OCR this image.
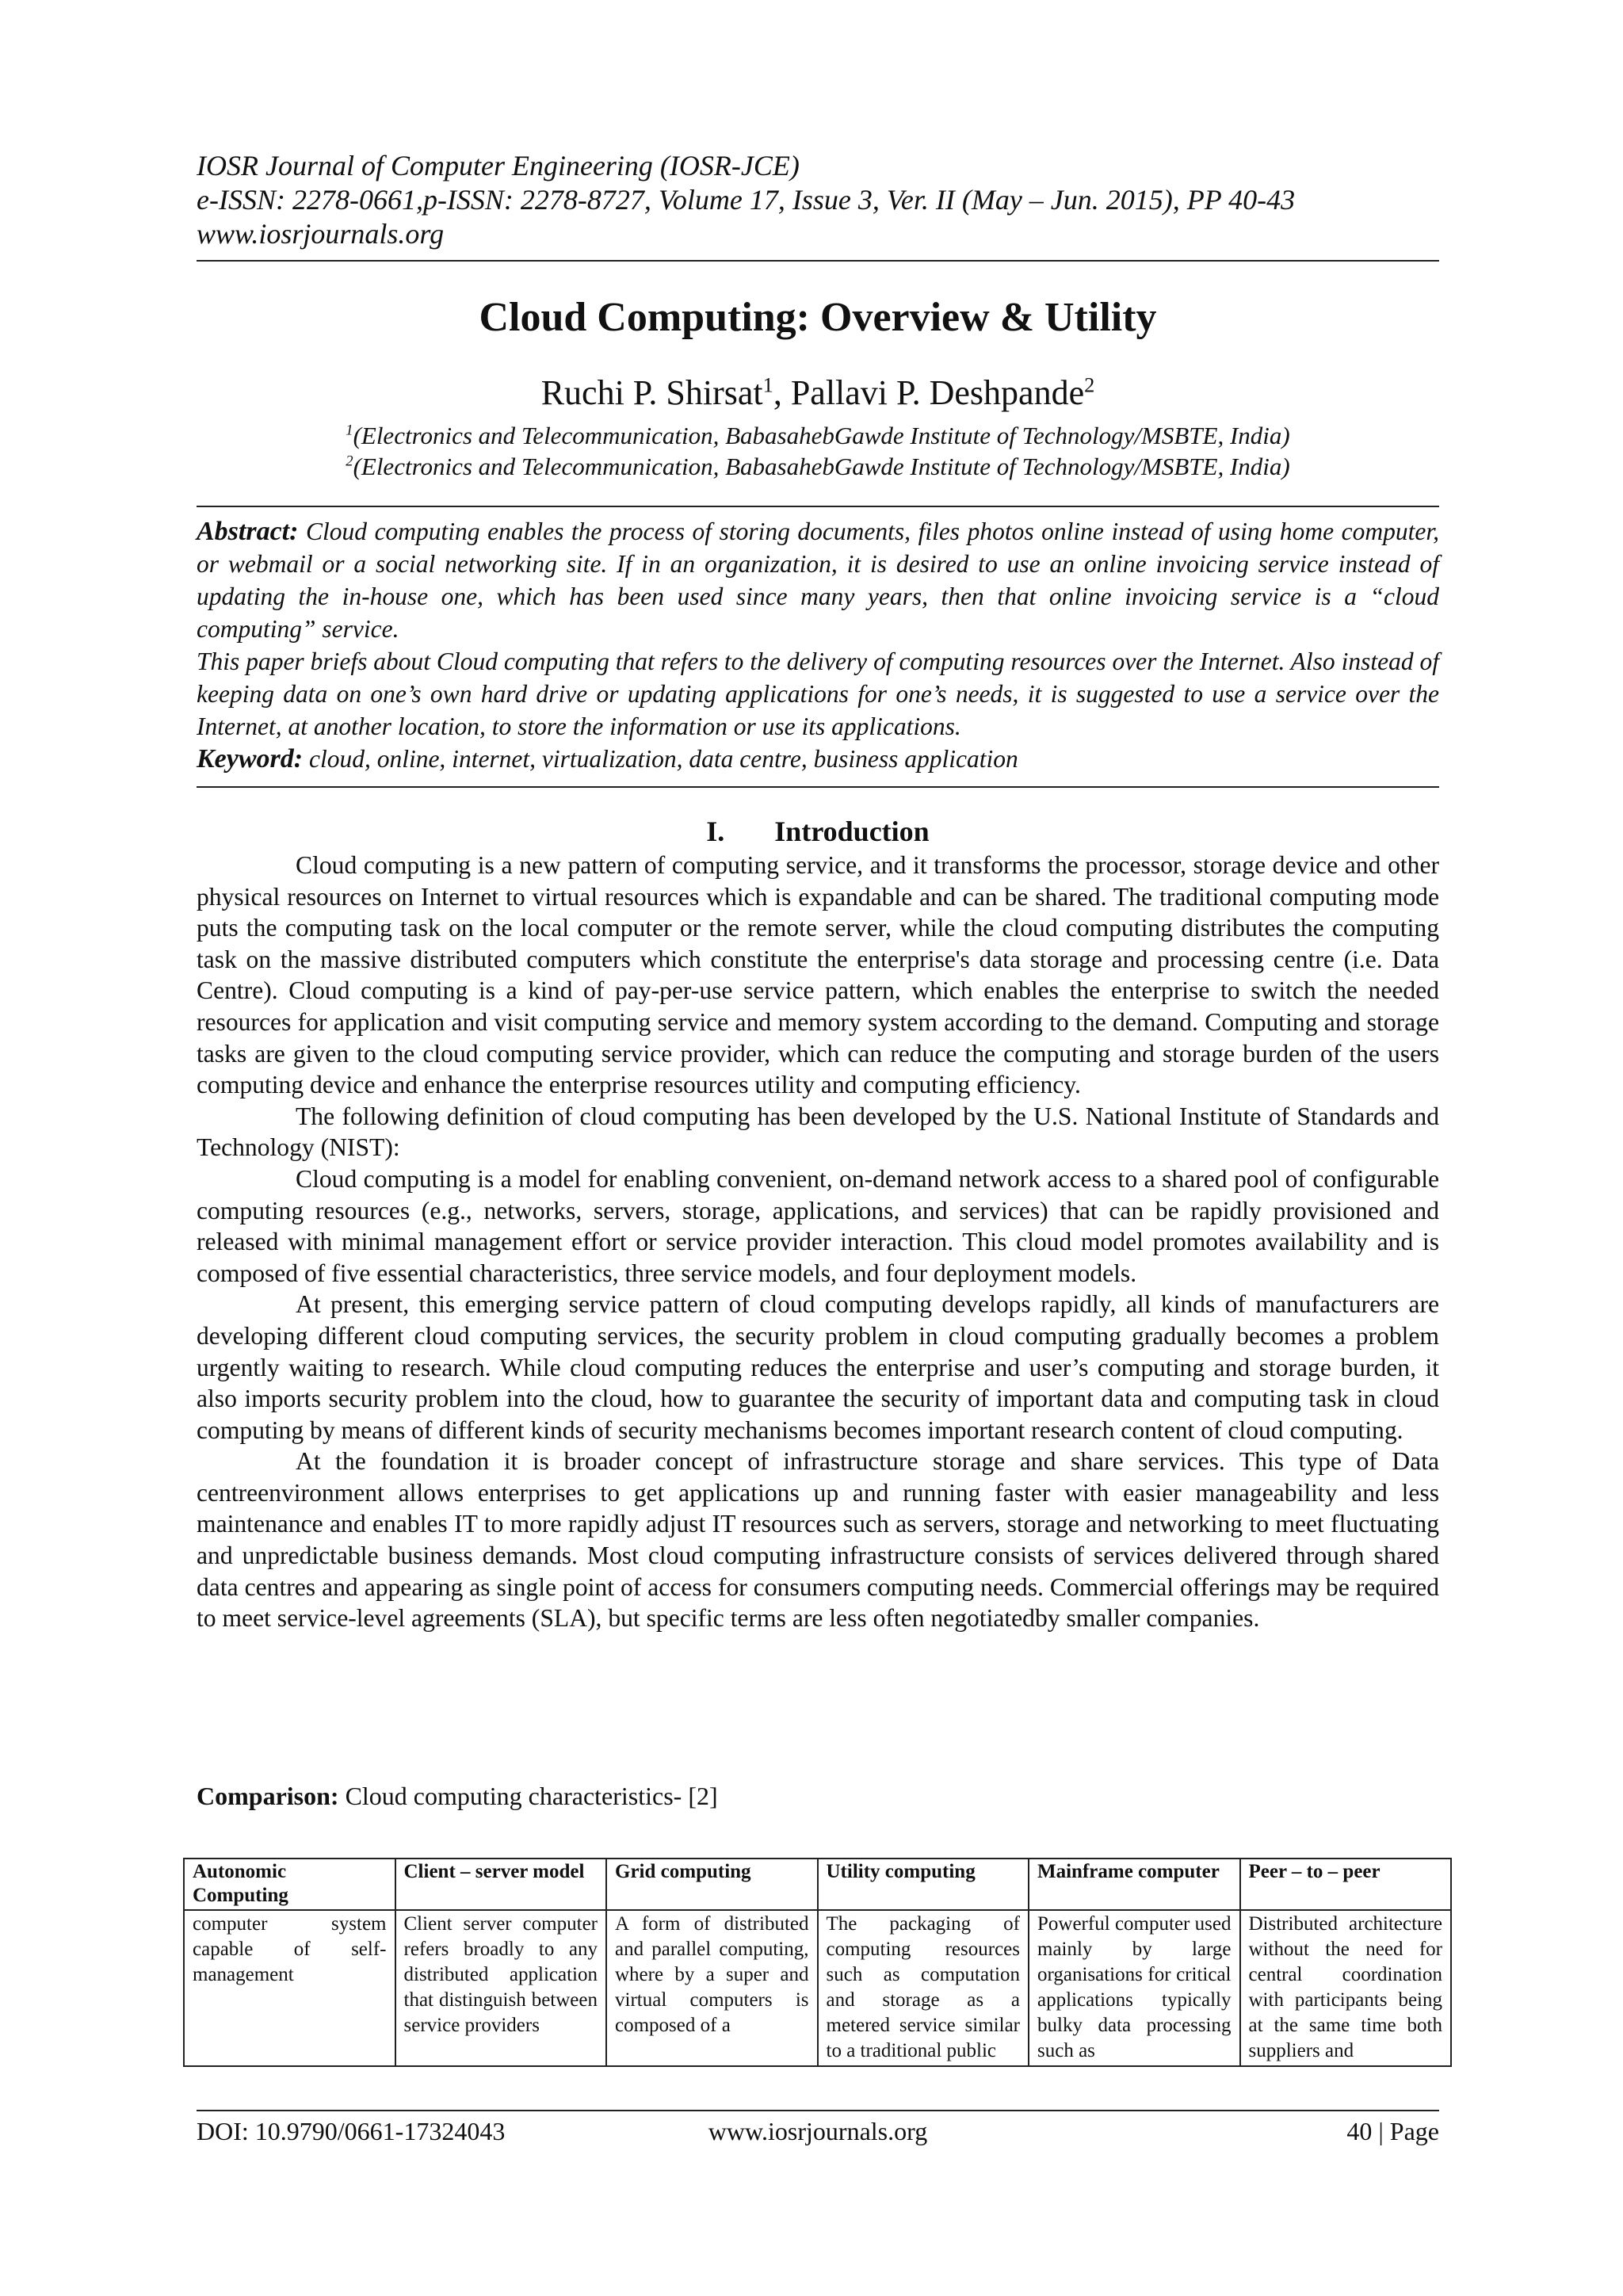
IOSR Journal of Computer Engineering (IOSR-JCE)
e-ISSN: 2278-0661,p-ISSN: 2278-8727, Volume 17, Issue 3, Ver. II (May – Jun. 2015), PP 40-43
www.iosrjournals.org
Cloud Computing: Overview & Utility
Ruchi P. Shirsat$^1$, Pallavi P. Deshpande$^2$
$^1$(Electronics and Telecommunication, BabasahebGawde Institute of Technology/MSBTE, India)
$^2$(Electronics and Telecommunication, BabasahebGawde Institute of Technology/MSBTE, India)

Abstract: Cloud computing enables the process of storing documents, files photos online instead of using home computer, or webmail or a social networking site. If in an organization, it is desired to use an online invoicing service instead of updating the in-house one, which has been used since many years, then that online invoicing service is a “cloud computing” service.

This paper briefs about Cloud computing that refers to the delivery of computing resources over the Internet. Also instead of keeping data on one’s own hard drive or updating applications for one’s needs, it is suggested to use a service over the Internet, at another location, to store the information or use its applications.

Keyword: cloud, online, internet, virtualization, data centre, business application

I. Introduction

Cloud computing is a new pattern of computing service, and it transforms the processor, storage device and other physical resources on Internet to virtual resources which is expandable and can be shared. The traditional computing mode puts the computing task on the local computer or the remote server, while the cloud computing distributes the computing task on the massive distributed computers which constitute the enterprise's data storage and processing centre (i.e. Data Centre). Cloud computing is a kind of pay-per-use service pattern, which enables the enterprise to switch the needed resources for application and visit computing service and memory system according to the demand. Computing and storage tasks are given to the cloud computing service provider, which can reduce the computing and storage burden of the users computing device and enhance the enterprise resources utility and computing efficiency.

The following definition of cloud computing has been developed by the U.S. National Institute of Standards and Technology (NIST):

Cloud computing is a model for enabling convenient, on-demand network access to a shared pool of configurable computing resources (e.g., networks, servers, storage, applications, and services) that can be rapidly provisioned and released with minimal management effort or service provider interaction. This cloud model promotes availability and is composed of five essential characteristics, three service models, and four deployment models.

At present, this emerging service pattern of cloud computing develops rapidly, all kinds of manufacturers are developing different cloud computing services, the security problem in cloud computing gradually becomes a problem urgently waiting to research. While cloud computing reduces the enterprise and user’s computing and storage burden, it also imports security problem into the cloud, how to guarantee the security of important data and computing task in cloud computing by means of different kinds of security mechanisms becomes important research content of cloud computing.

At the foundation it is broader concept of infrastructure storage and share services. This type of Data centreenvironment allows enterprises to get applications up and running faster with easier manageability and less maintenance and enables IT to more rapidly adjust IT resources such as servers, storage and networking to meet fluctuating and unpredictable business demands. Most cloud computing infrastructure consists of services delivered through shared data centres and appearing as single point of access for consumers computing needs. Commercial offerings may be required to meet service-level agreements (SLA), but specific terms are less often negotiatedby smaller companies.

Comparison: Cloud computing characteristics- [2]
Autonomic Computing	Client – server model	Grid computing	Utility computing	Mainframe computer	Peer – to – peer
computer system capable of self-management	Client server computer refers broadly to any distributed application that distinguish between service providers	A form of distributed and parallel computing, where by a super and virtual computers is composed of a	The packaging of computing resources such as computation and storage as a metered service similar to a traditional public	Powerful computer used mainly by large organisations for critical applications typically bulky data processing such as	Distributed architecture without the need for central coordination with participants being at the same time both suppliers and
DOI: 10.9790/0661-17324043	www.iosrjournals.org	40 | Page
